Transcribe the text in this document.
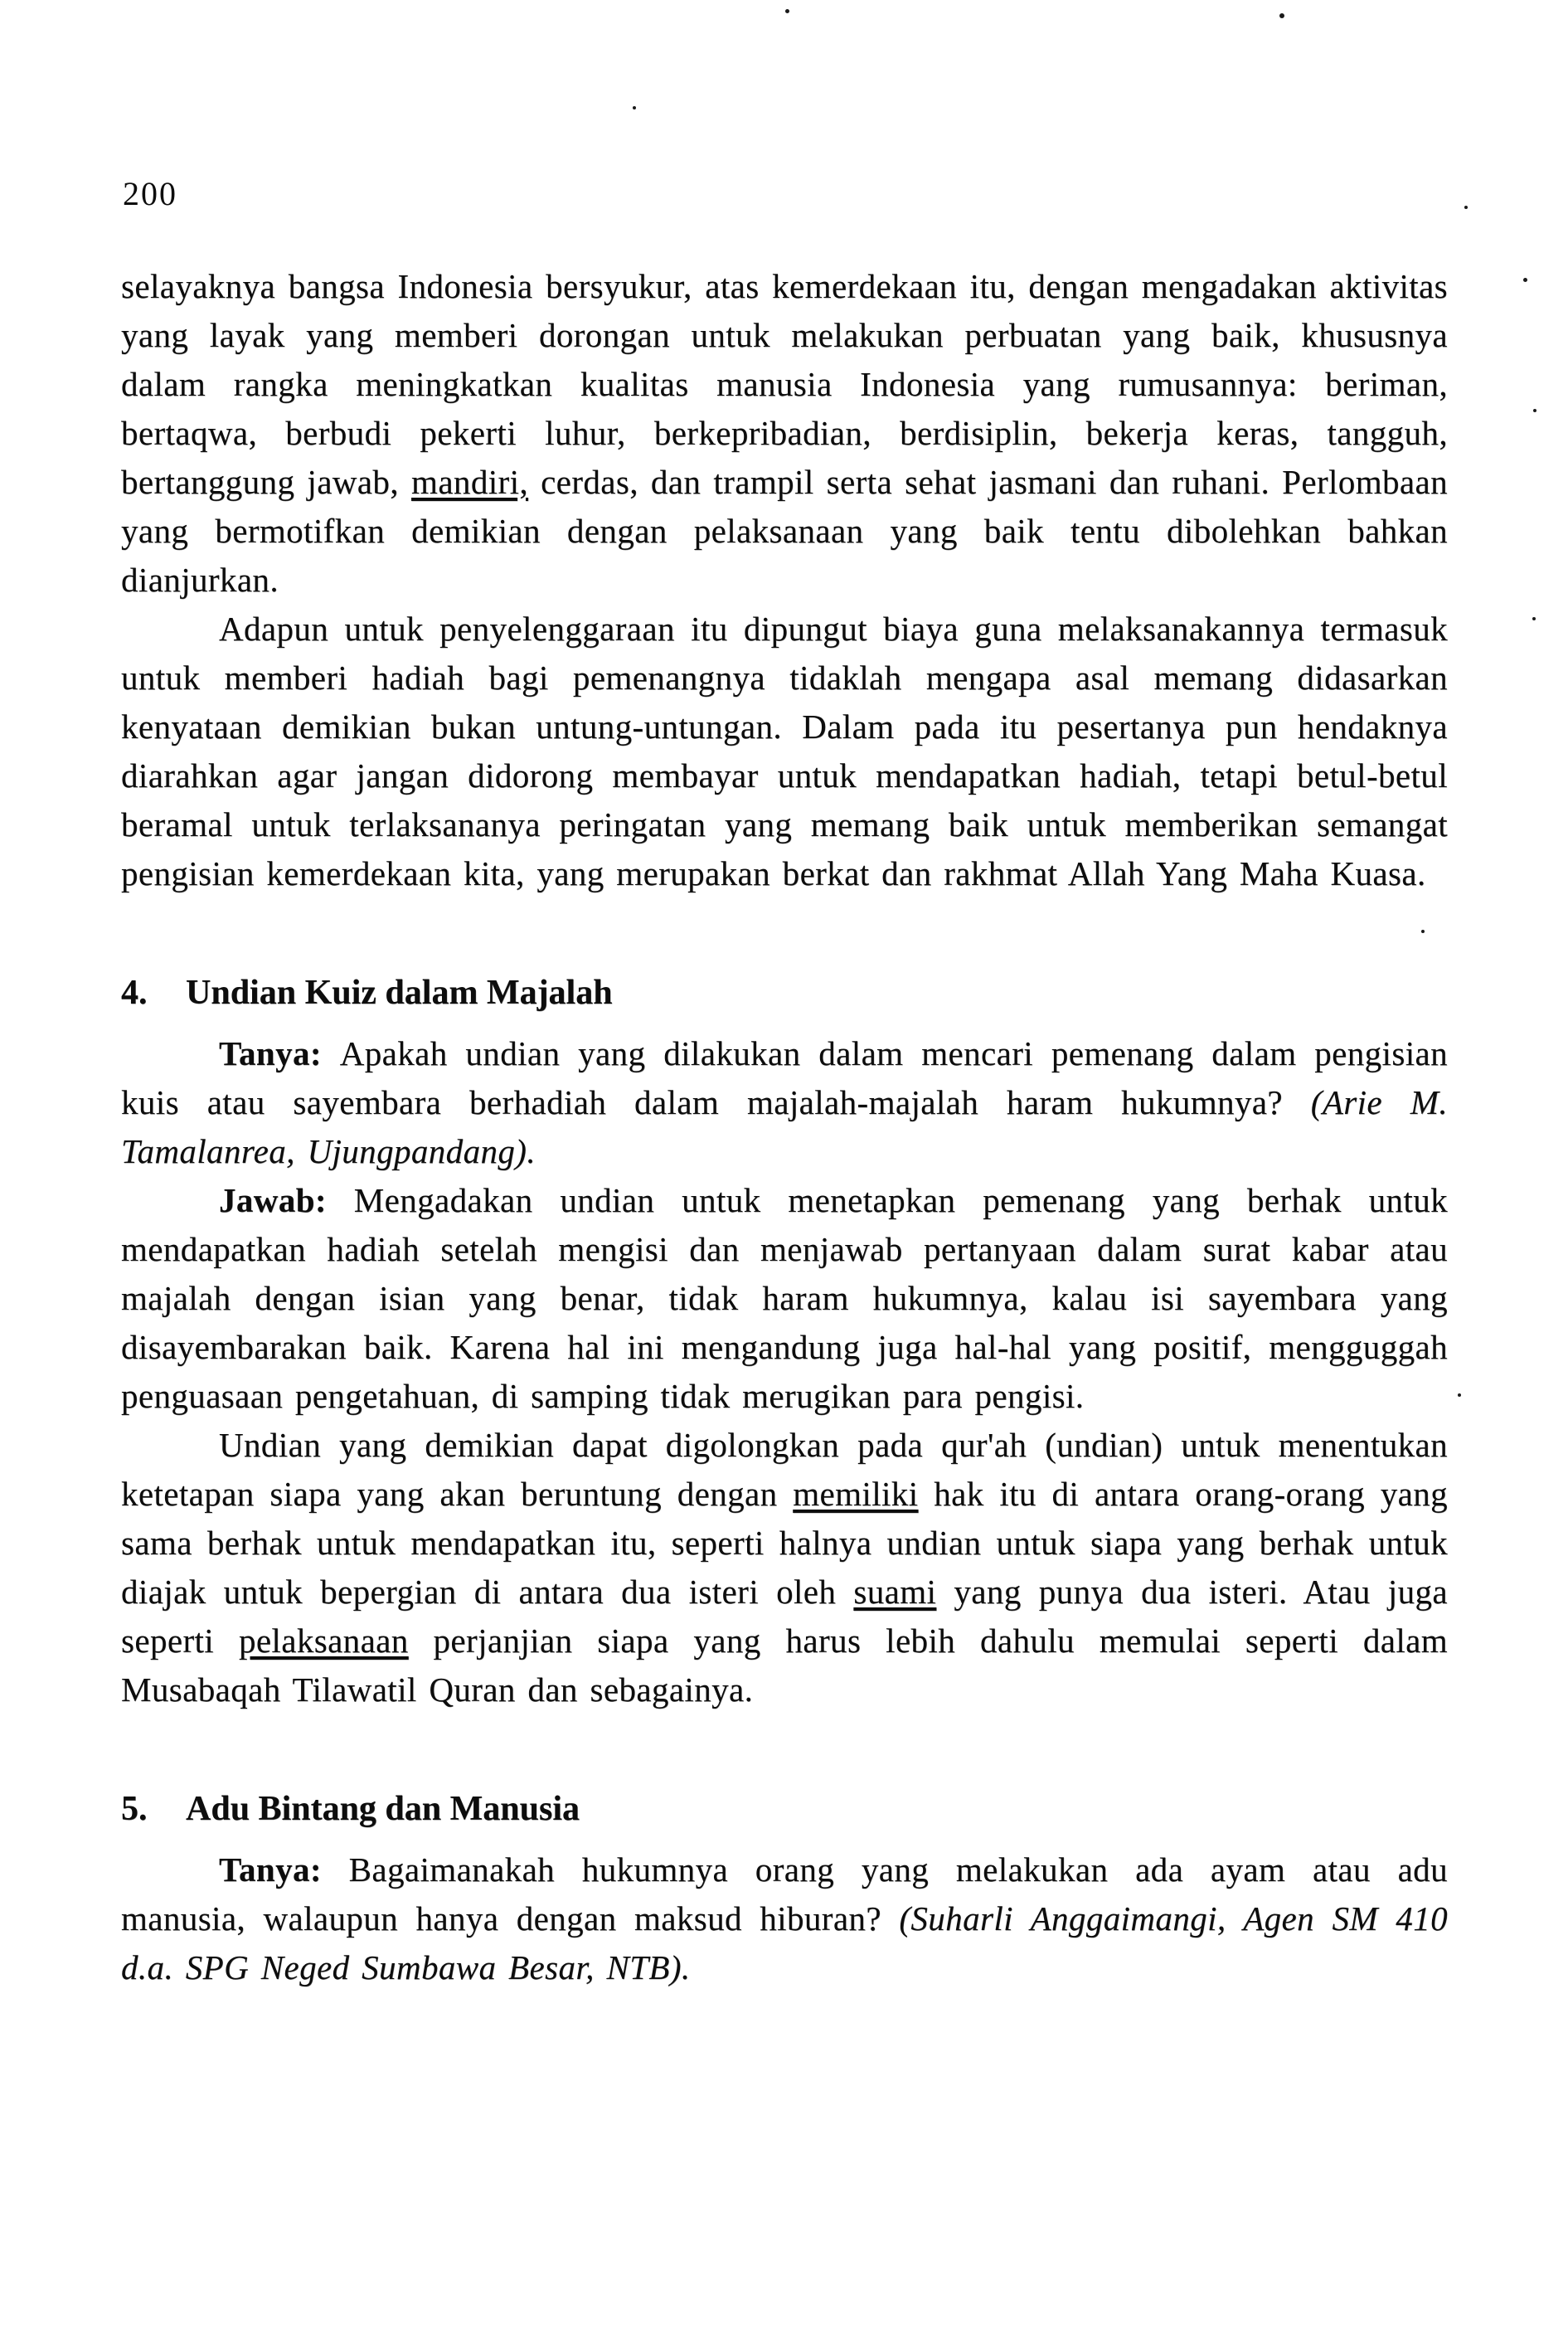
200

selayaknya bangsa Indonesia bersyukur, atas kemerdekaan itu, dengan mengadakan aktivitas yang layak yang memberi dorongan untuk melakukan perbuatan yang baik, khususnya dalam rangka meningkatkan kualitas manusia Indonesia yang rumusannya: beriman, bertaqwa, berbudi pekerti luhur, berkepribadian, berdisiplin, bekerja keras, tangguh, bertanggung jawab, mandiri, cerdas, dan trampil serta sehat jasmani dan ruhani. Perlombaan yang bermotifkan demikian dengan pelaksanaan yang baik tentu dibolehkan bahkan dianjurkan.

Adapun untuk penyelenggaraan itu dipungut biaya guna melaksanakannya termasuk untuk memberi hadiah bagi pemenangnya tidaklah mengapa asal memang didasarkan kenyataan demikian bukan untung-untungan. Dalam pada itu pesertanya pun hendaknya diarahkan agar jangan didorong membayar untuk mendapatkan hadiah, tetapi betul-betul beramal untuk terlaksananya peringatan yang memang baik untuk memberikan semangat pengisian kemerdekaan kita, yang merupakan berkat dan rakhmat Allah Yang Maha Kuasa.

4.	Undian Kuiz dalam Majalah

Tanya: Apakah undian yang dilakukan dalam mencari pemenang dalam pengisian kuis atau sayembara berhadiah dalam majalah-majalah haram hukumnya? (Arie M. Tamalanrea, Ujungpandang).

Jawab: Mengadakan undian untuk menetapkan pemenang yang berhak untuk mendapatkan hadiah setelah mengisi dan menjawab pertanyaan dalam surat kabar atau majalah dengan isian yang benar, tidak haram hukumnya, kalau isi sayembara yang disayembarakan baik. Karena hal ini mengandung juga hal-hal yang positif, mengguggah penguasaan pengetahuan, di samping tidak merugikan para pengisi.

Undian yang demikian dapat digolongkan pada qur'ah (undian) untuk menentukan ketetapan siapa yang akan beruntung dengan memiliki hak itu di antara orang-orang yang sama berhak untuk mendapatkan itu, seperti halnya undian untuk siapa yang berhak untuk diajak untuk bepergian di antara dua isteri oleh suami yang punya dua isteri. Atau juga seperti pelaksanaan perjanjian siapa yang harus lebih dahulu memulai seperti dalam Musabaqah Tilawatil Quran dan sebagainya.

5.	Adu Bintang dan Manusia

Tanya: Bagaimanakah hukumnya orang yang melakukan ada ayam atau adu manusia, walaupun hanya dengan maksud hiburan? (Suharli Anggaimangi, Agen SM 410 d.a. SPG Neged Sumbawa Besar, NTB).
